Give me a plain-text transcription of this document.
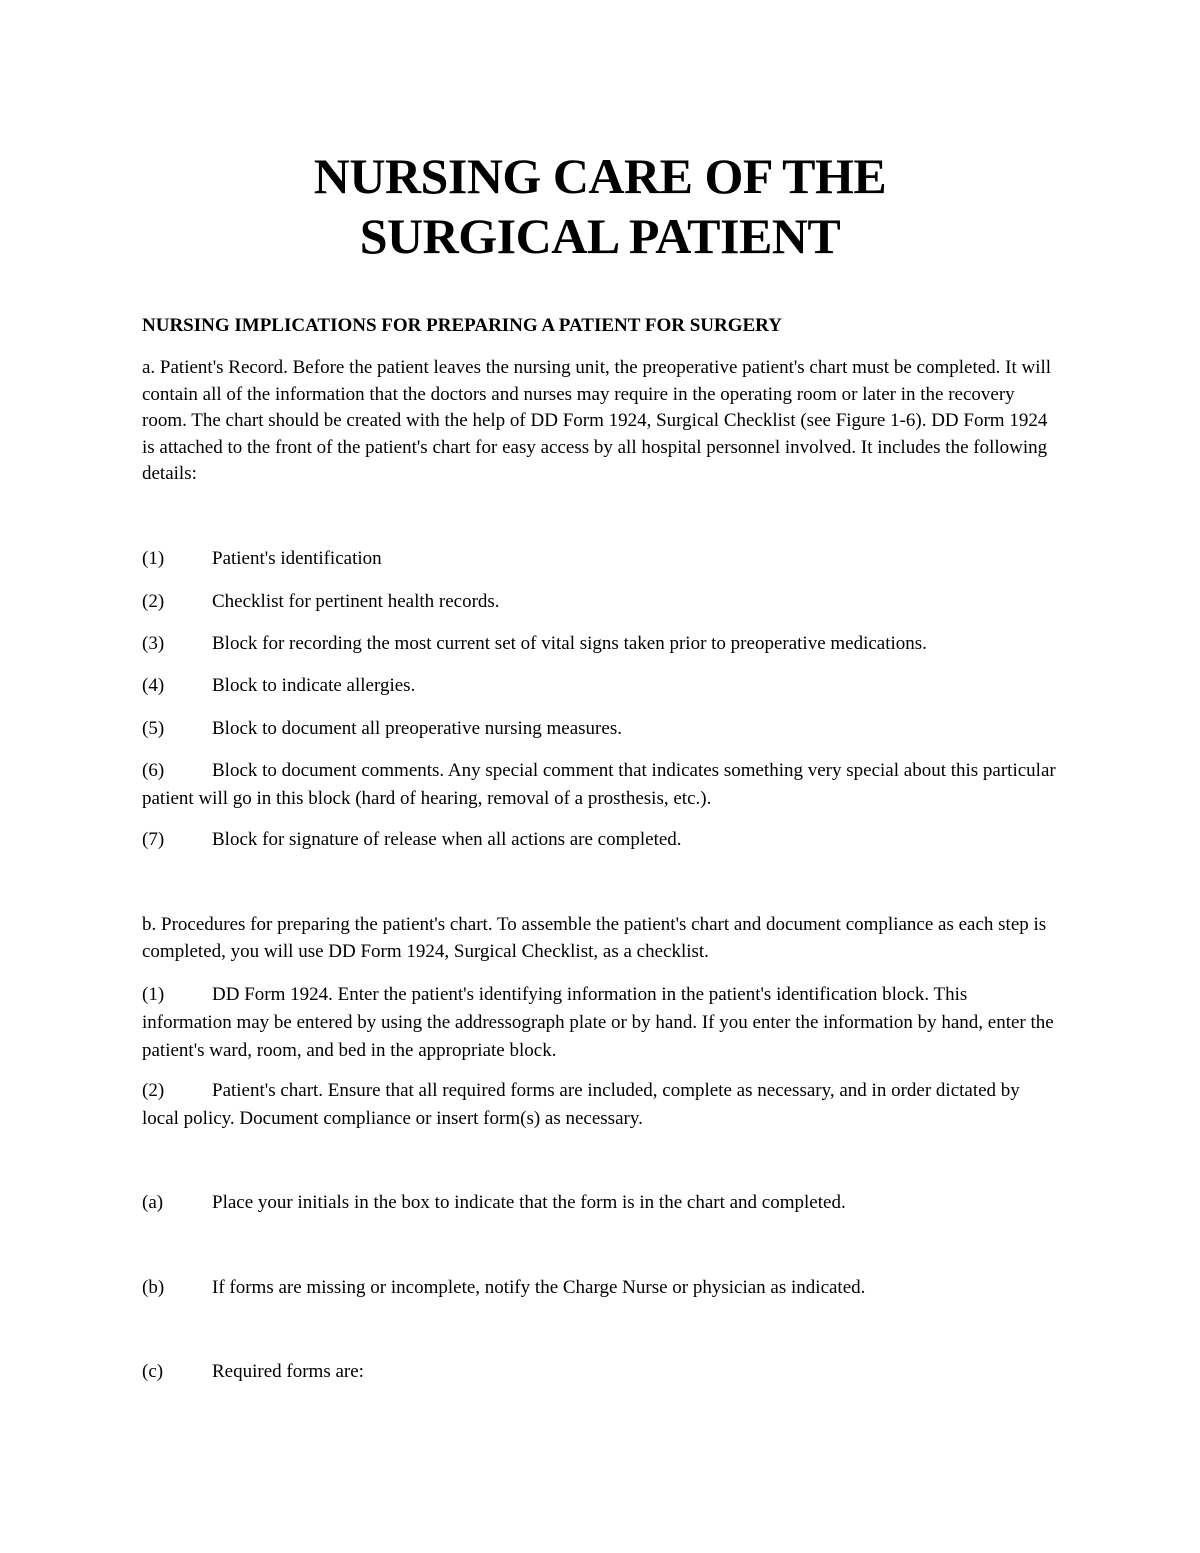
NURSING CARE OF THE
SURGICAL PATIENT
NURSING IMPLICATIONS FOR PREPARING A PATIENT FOR SURGERY
a. Patient's Record. Before the patient leaves the nursing unit, the preoperative patient's chart must be completed. It will contain all of the information that the doctors and nurses may require in the operating room or later in the recovery room. The chart should be created with the help of DD Form 1924, Surgical Checklist (see Figure 1-6). DD Form 1924 is attached to the front of the patient's chart for easy access by all hospital personnel involved. It includes the following details:
(1)	Patient's identification
(2)	Checklist for pertinent health records.
(3)	Block for recording the most current set of vital signs taken prior to preoperative medications.
(4)	Block to indicate allergies.
(5)	Block to document all preoperative nursing measures.
(6)	Block to document comments. Any special comment that indicates something very special about this particular patient will go in this block (hard of hearing, removal of a prosthesis, etc.).
(7)	Block for signature of release when all actions are completed.
b. Procedures for preparing the patient's chart. To assemble the patient's chart and document compliance as each step is completed, you will use DD Form 1924, Surgical Checklist, as a checklist.
(1)	DD Form 1924. Enter the patient's identifying information in the patient's identification block. This information may be entered by using the addressograph plate or by hand. If you enter the information by hand, enter the patient's ward, room, and bed in the appropriate block.
(2)	Patient's chart. Ensure that all required forms are included, complete as necessary, and in order dictated by local policy. Document compliance or insert form(s) as necessary.
(a)	Place your initials in the box to indicate that the form is in the chart and completed.
(b)	If forms are missing or incomplete, notify the Charge Nurse or physician as indicated.
(c)	Required forms are:
